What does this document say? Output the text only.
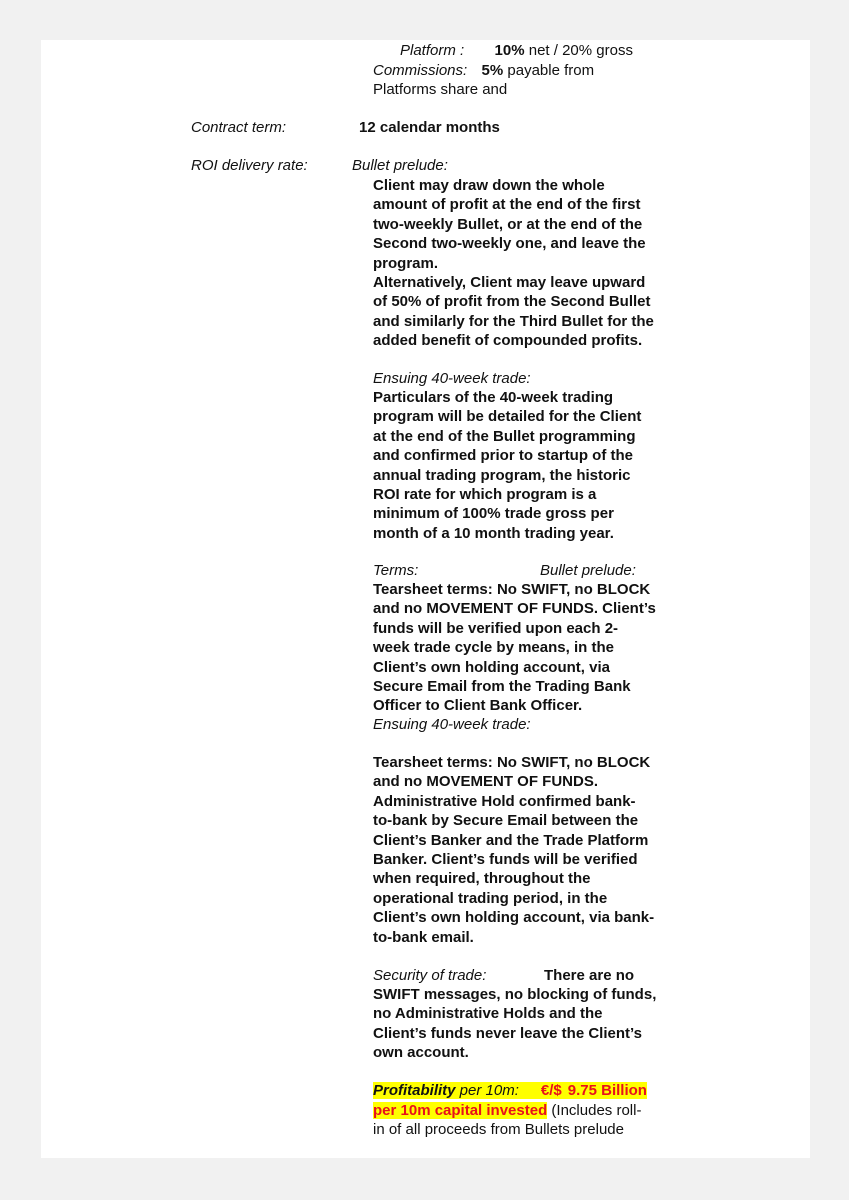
Platform : 10% net / 20% gross
Commissions: 5% payable from
Platforms share and
Contract term:	12 calendar months
ROI delivery rate:	Bullet prelude:
Client may draw down the whole
amount of profit at the end of the first
two-weekly Bullet, or at the end of the
Second two-weekly one, and leave the
program.
Alternatively, Client may leave upward
of 50% of profit from the Second Bullet
and similarly for the Third Bullet for the
added benefit of compounded profits.
Ensuing 40-week trade:
Particulars of the 40-week trading
program will be detailed for the Client
at the end of the Bullet programming
and confirmed prior to startup of the
annual trading program, the historic
ROI rate for which program is a
minimum of 100% trade gross per
month of a 10 month trading year.
Terms:	Bullet prelude:
Tearsheet terms: No SWIFT, no BLOCK
and no MOVEMENT OF FUNDS. Client’s
funds will be verified upon each 2-
week trade cycle by means, in the
Client’s own holding account, via
Secure Email from the Trading Bank
Officer to Client Bank Officer.
Ensuing 40-week trade:
Tearsheet terms: No SWIFT, no BLOCK
and no MOVEMENT OF FUNDS.
Administrative Hold confirmed bank-
to-bank by Secure Email between the
Client’s Banker and the Trade Platform
Banker. Client’s funds will be verified
when required, throughout the
operational trading period, in the
Client’s own holding account, via bank-
to-bank email.
Security of trade:	There are no
SWIFT messages, no blocking of funds,
no Administrative Holds and the
Client’s funds never leave the Client’s
own account.
Profitability per 10m: €/$ 9.75 Billion
per 10m capital invested (Includes roll-
in of all proceeds from Bullets prelude
